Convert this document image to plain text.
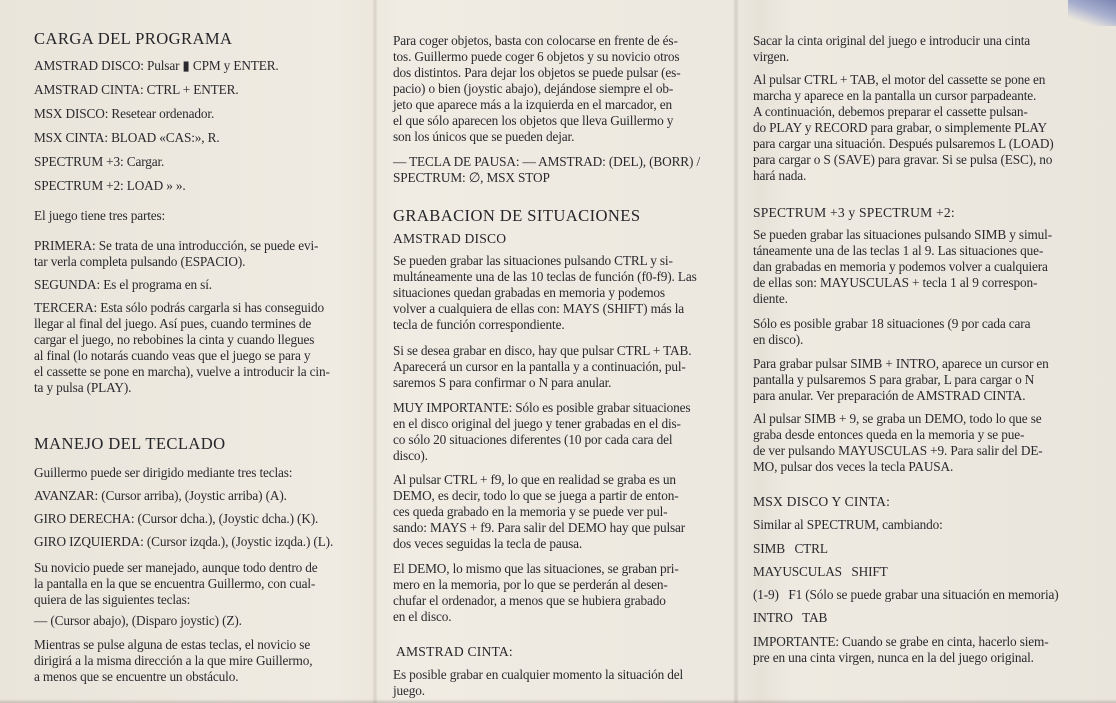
CARGA DEL PROGRAMA

AMSTRAD DISCO: Pulsar ▮ CPM y ENTER.

AMSTRAD CINTA: CTRL + ENTER.

MSX DISCO: Resetear ordenador.

MSX CINTA: BLOAD «CAS:», R.

SPECTRUM +3: Cargar.

SPECTRUM +2: LOAD » ».

El juego tiene tres partes:

PRIMERA: Se trata de una introducción, se puede evi-

tar verla completa pulsando (ESPACIO).

SEGUNDA: Es el programa en sí.

TERCERA: Esta sólo podrás cargarla si has conseguido

llegar al final del juego. Así pues, cuando termines de

cargar el juego, no rebobines la cinta y cuando llegues

al final (lo notarás cuando veas que el juego se para y

el cassette se pone en marcha), vuelve a introducir la cin-

ta y pulsa (PLAY).

MANEJO DEL TECLADO

Guillermo puede ser dirigido mediante tres teclas:

AVANZAR: (Cursor arriba), (Joystic arriba) (A).

GIRO DERECHA: (Cursor dcha.), (Joystic dcha.) (K).

GIRO IZQUIERDA: (Cursor izqda.), (Joystic izqda.) (L).

Su novicio puede ser manejado, aunque todo dentro de

la pantalla en la que se encuentra Guillermo, con cual-

quiera de las siguientes teclas:

— (Cursor abajo), (Disparo joystic) (Z).

Mientras se pulse alguna de estas teclas, el novicio se

dirigirá a la misma dirección a la que mire Guillermo,

a menos que se encuentre un obstáculo.

Para coger objetos, basta con colocarse en frente de és-

tos. Guillermo puede coger 6 objetos y su novicio otros

dos distintos. Para dejar los objetos se puede pulsar (es-

pacio) o bien (joystic abajo), dejándose siempre el ob-

jeto que aparece más a la izquierda en el marcador, en

el que sólo aparecen los objetos que lleva Guillermo y

son los únicos que se pueden dejar.

— TECLA DE PAUSA: — AMSTRAD: (DEL), (BORR) /

SPECTRUM: ∅, MSX STOP

GRABACION DE SITUACIONES

AMSTRAD DISCO

Se pueden grabar las situaciones pulsando CTRL y si-

multáneamente una de las 10 teclas de función (f0-f9). Las

situaciones quedan grabadas en memoria y podemos

volver a cualquiera de ellas con: MAYS (SHIFT) más la

tecla de función correspondiente.

Si se desea grabar en disco, hay que pulsar CTRL + TAB.

Aparecerá un cursor en la pantalla y a continuación, pul-

saremos S para confirmar o N para anular.

MUY IMPORTANTE: Sólo es posible grabar situaciones

en el disco original del juego y tener grabadas en el dis-

co sólo 20 situaciones diferentes (10 por cada cara del

disco).

Al pulsar CTRL + f9, lo que en realidad se graba es un

DEMO, es decir, todo lo que se juega a partir de enton-

ces queda grabado en la memoria y se puede ver pul-

sando: MAYS + f9. Para salir del DEMO hay que pulsar

dos veces seguidas la tecla de pausa.

El DEMO, lo mismo que las situaciones, se graban pri-

mero en la memoria, por lo que se perderán al desen-

chufar el ordenador, a menos que se hubiera grabado

en el disco.

AMSTRAD CINTA:

Es posible grabar en cualquier momento la situación del

juego.

Sacar la cinta original del juego e introducir una cinta

virgen.

Al pulsar CTRL + TAB, el motor del cassette se pone en

marcha y aparece en la pantalla un cursor parpadeante.

A continuación, debemos preparar el cassette pulsan-

do PLAY y RECORD para grabar, o simplemente PLAY

para cargar una situación. Después pulsaremos L (LOAD)

para cargar o S (SAVE) para gravar. Si se pulsa (ESC), no

hará nada.

SPECTRUM +3 y SPECTRUM +2:

Se pueden grabar las situaciones pulsando SIMB y simul-

táneamente una de las teclas 1 al 9. Las situaciones que-

dan grabadas en memoria y podemos volver a cualquiera

de ellas son: MAYUSCULAS + tecla 1 al 9 correspon-

diente.

Sólo es posible grabar 18 situaciones (9 por cada cara

en disco).

Para grabar pulsar SIMB + INTRO, aparece un cursor en

pantalla y pulsaremos S para grabar, L para cargar o N

para anular. Ver preparación de AMSTRAD CINTA.

Al pulsar SIMB + 9, se graba un DEMO, todo lo que se

graba desde entonces queda en la memoria y se pue-

de ver pulsando MAYUSCULAS +9. Para salir del DE-

MO, pulsar dos veces la tecla PAUSA.

MSX DISCO Y CINTA:

Similar al SPECTRUM, cambiando:

SIMB   CTRL

MAYUSCULAS   SHIFT

(1-9)   F1 (Sólo se puede grabar una situación en memoria)

INTRO   TAB

IMPORTANTE: Cuando se grabe en cinta, hacerlo siem-

pre en una cinta virgen, nunca en la del juego original.
